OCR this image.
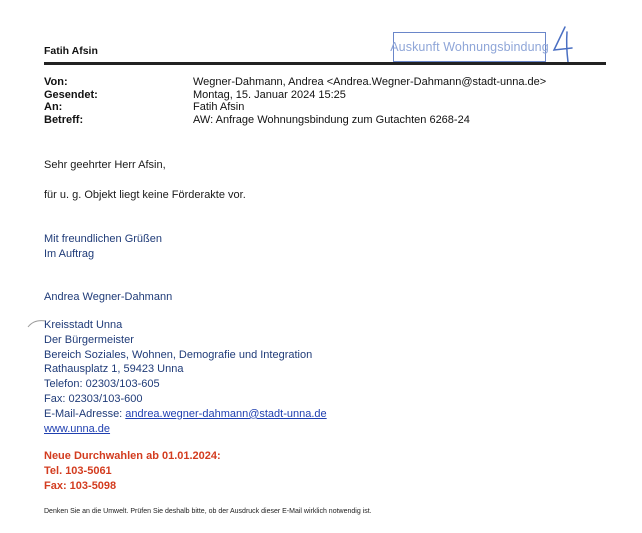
Fatih Afsin	Auskunft Wohnungsbindung
Von:
Gesendet:
An:
Betreff:
Wegner-Dahmann, Andrea <Andrea.Wegner-Dahmann@stadt-unna.de>
Montag, 15. Januar 2024 15:25
Fatih Afsin
AW: Anfrage Wohnungsbindung zum Gutachten 6268-24
Sehr geehrter Herr Afsin,
für u. g. Objekt liegt keine Förderakte vor.
Mit freundlichen Grüßen
Im Auftrag
Andrea Wegner-Dahmann
Kreisstadt Unna
Der Bürgermeister
Bereich Soziales, Wohnen, Demografie und Integration
Rathausplatz 1, 59423 Unna
Telefon: 02303/103-605
Fax: 02303/103-600
E-Mail-Adresse: andrea.wegner-dahmann@stadt-unna.de
www.unna.de
Neue Durchwahlen ab 01.01.2024:
Tel. 103-5061
Fax: 103-5098
Denken Sie an die Umwelt. Prüfen Sie deshalb bitte, ob der Ausdruck dieser E-Mail wirklich notwendig ist.
